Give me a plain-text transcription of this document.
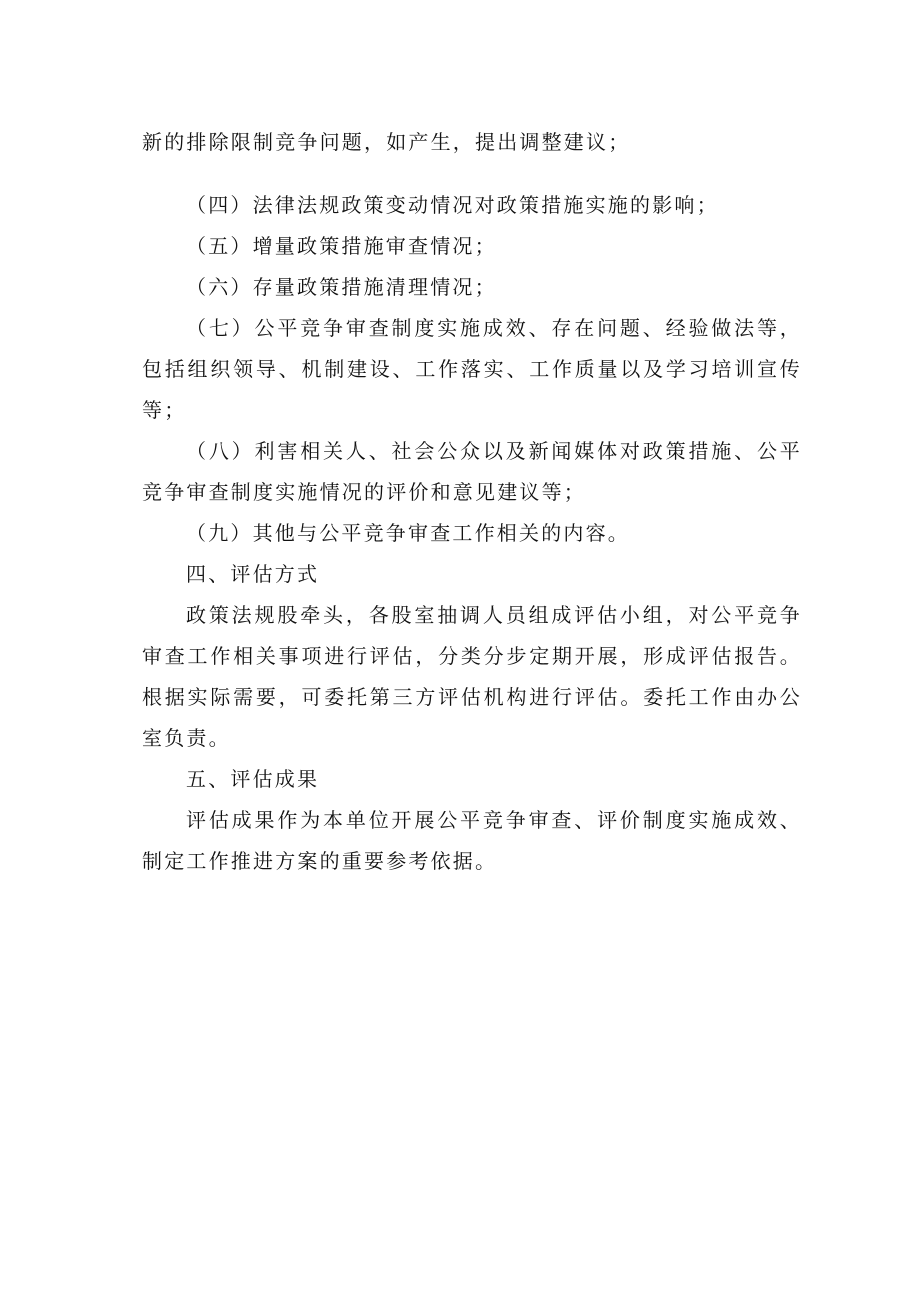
新的排除限制竞争问题，如产生，提出调整建议；

（四）法律法规政策变动情况对政策措施实施的影响；

（五）增量政策措施审查情况；

（六）存量政策措施清理情况；

（七）公平竞争审查制度实施成效、存在问题、经验做法等，包括组织领导、机制建设、工作落实、工作质量以及学习培训宣传等；

（八）利害相关人、社会公众以及新闻媒体对政策措施、公平竞争审查制度实施情况的评价和意见建议等；

（九）其他与公平竞争审查工作相关的内容。

四、评估方式

政策法规股牵头，各股室抽调人员组成评估小组，对公平竞争审查工作相关事项进行评估，分类分步定期开展，形成评估报告。根据实际需要，可委托第三方评估机构进行评估。委托工作由办公室负责。

五、评估成果

评估成果作为本单位开展公平竞争审查、评价制度实施成效、制定工作推进方案的重要参考依据。
